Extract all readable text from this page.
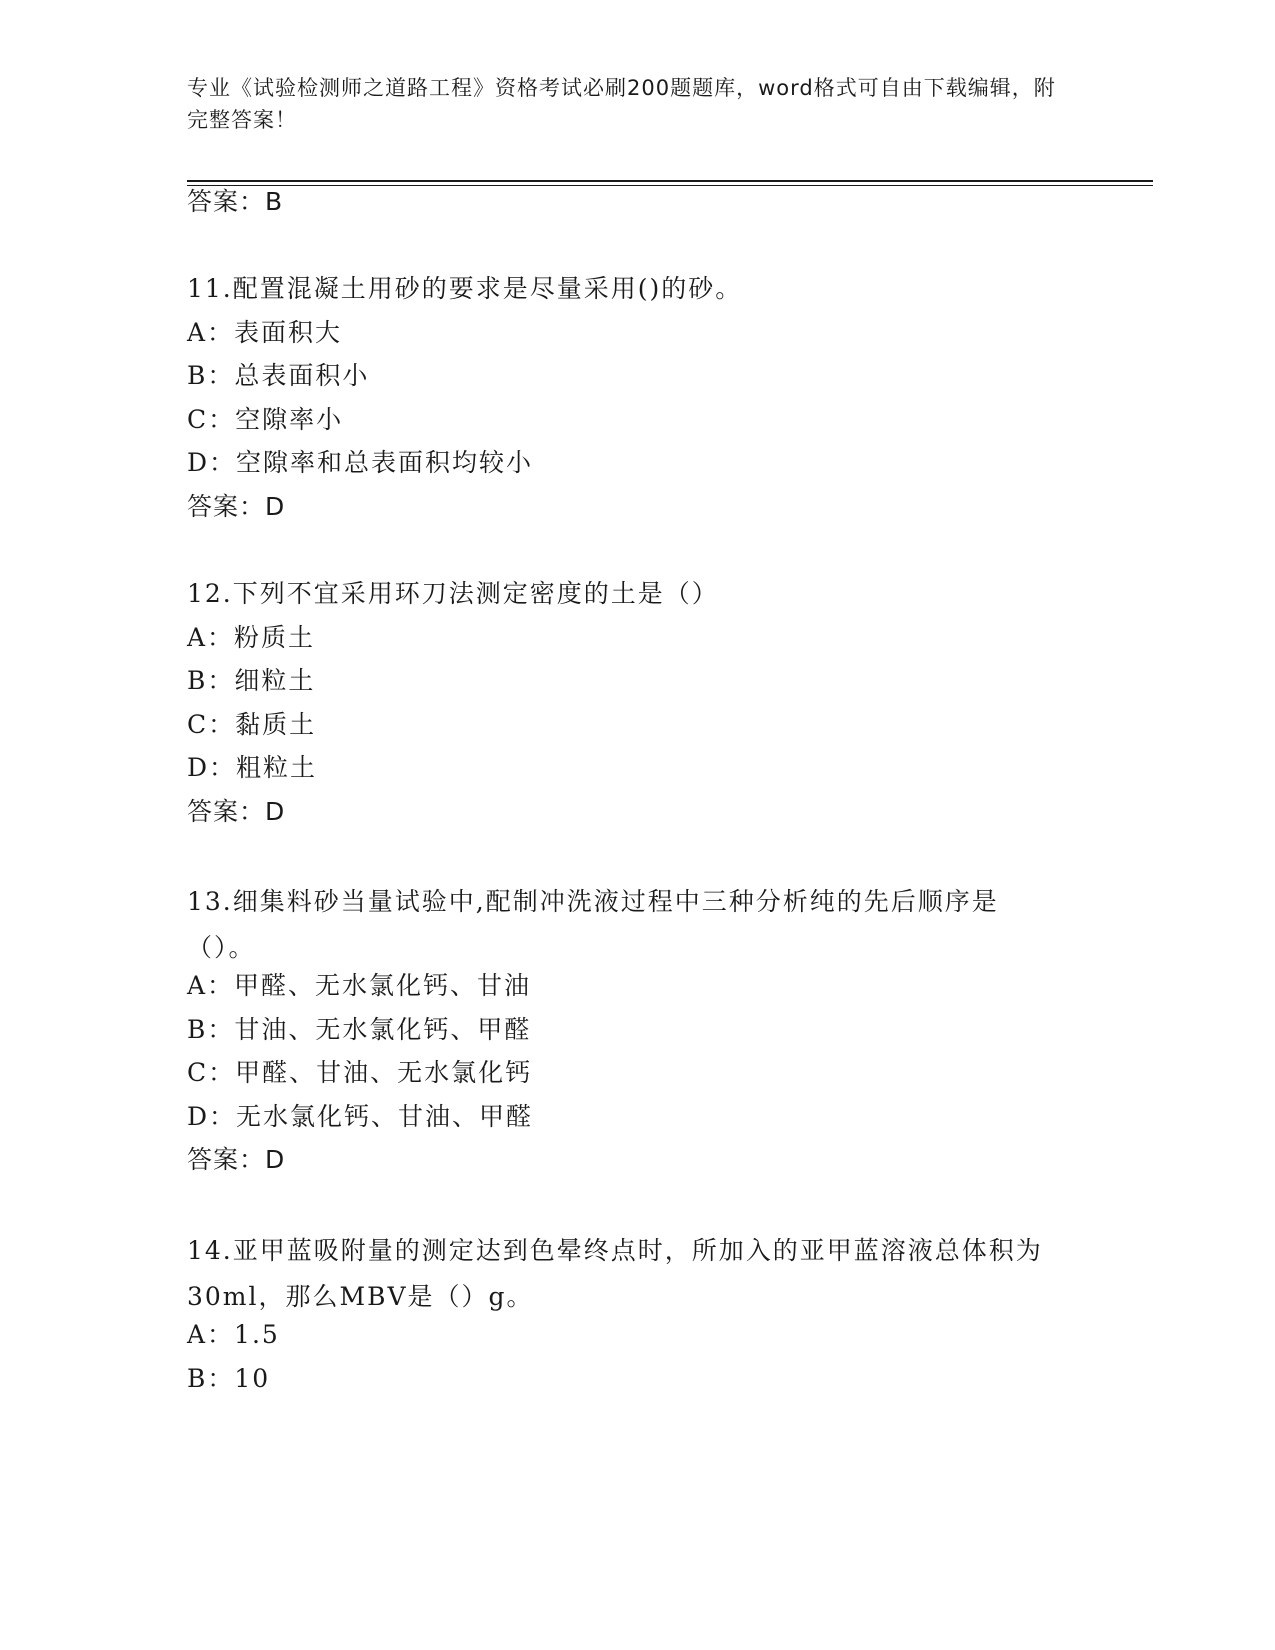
专业《试验检测师之道路工程》资格考试必刷200题题库，word格式可自由下载编辑，附完整答案！
答案：B
11.配置混凝土用砂的要求是尽量采用()的砂。
A：表面积大
B：总表面积小
C：空隙率小
D：空隙率和总表面积均较小
答案：D
12.下列不宜采用环刀法测定密度的土是（）
A：粉质土
B：细粒土
C：黏质土
D：粗粒土
答案：D
13.细集料砂当量试验中,配制冲洗液过程中三种分析纯的先后顺序是（）。
A：甲醛、无水氯化钙、甘油
B：甘油、无水氯化钙、甲醛
C：甲醛、甘油、无水氯化钙
D：无水氯化钙、甘油、甲醛
答案：D
14.亚甲蓝吸附量的测定达到色晕终点时，所加入的亚甲蓝溶液总体积为30ml，那么MBV是（）g。
A：1.5
B：10
